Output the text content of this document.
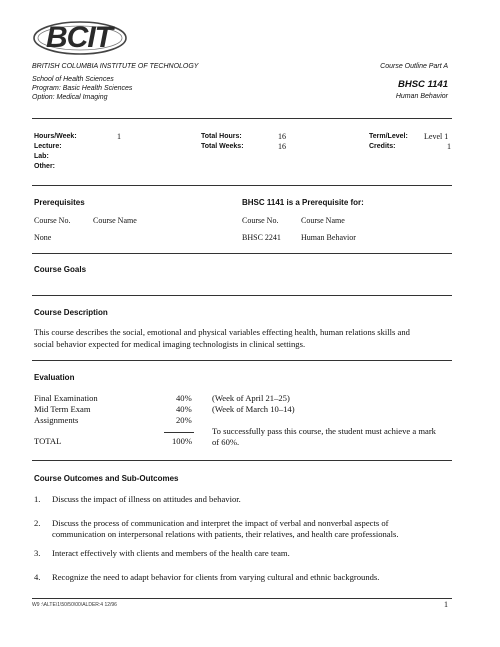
BCIT
BRITISH COLUMBIA INSTITUTE OF TECHNOLOGY
School of Health Sciences
Program: Basic Health Sciences
Option: Medical Imaging
Course Outline Part A
BHSC 1141
Human Behavior
Hours/Week:	1
Lecture:
Lab:
Other:
Total Hours:	16
Total Weeks:	16
Term/Level: Level 1
Credits:	1
Prerequisites
Course No.	Course Name
None
BHSC 1141 is a Prerequisite for:
Course No.	Course Name
BHSC 2241	Human Behavior
Course Goals
Course Description
This course describes the social, emotional and physical variables effecting health, human relations skills and
social behavior expected for medical imaging technologists in clinical settings.
Evaluation
Final Examination	40% (Week of April 21–25)
Mid Term Exam	40% (Week of March 10–14)
Assignments	20%
To successfully pass this course, the student must achieve a mark
TOTAL	100% of 60%.
Course Outcomes and Sub-Outcomes
1. Discuss the impact of illness on attitudes and behavior.
2. Discuss the process of communication and interpret the impact of verbal and nonverbal aspects of
communication on interpersonal relations with patients, their relatives, and health care professionals.
3. Interact effectively with clients and members of the health care team.
4. Recognize the need to adapt behavior for clients from varying cultural and ethnic backgrounds.
W9 :\ALTE\1\50/50\00\ALDER:4 12/96	1
